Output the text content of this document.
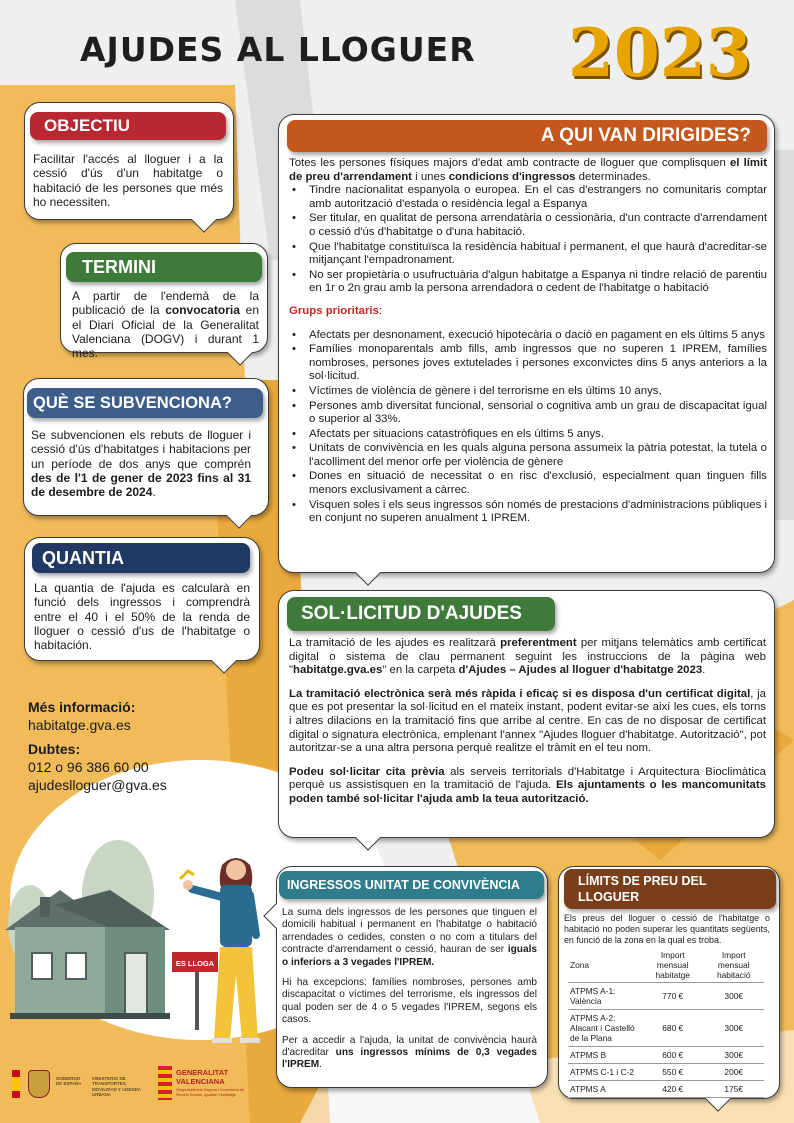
AJUDES AL LLOGUER 2023
OBJECTIU
Facilitar l'accés al lloguer i a la cessió d'ús d'un habitatge o habitació de les persones que més ho necessiten.
TERMINI
A partir de l'endemà de la publicació de la convocatoria en el Diari Oficial de la Generalitat Valenciana (DOGV) i durant 1 mes.
QUÈ SE SUBVENCIONA?
Se subvencionen els rebuts de lloguer i cessió d'ús d'habitatges i habitacions per un període de dos anys que comprén des de l'1 de gener de 2023 fins al 31 de desembre de 2024.
QUANTIA
La quantia de l'ajuda es calcularà en funció dels ingressos i comprendrà entre el 40 i el 50% de la renda de lloguer o cessió d'us de l'habitatge o habitación.
Més informació:
habitatge.gva.es
Dubtes:
012 o 96 386 60 00
ajudeslloguer@gva.es
A QUI VAN DIRIGIDES?

Totes les persones físiques majors d'edat amb contracte de lloguer que complisquen el límit de preu d'arrendament i unes condicions d'ingressos determinades.

• Tindre nacionalitat espanyola o europea. En el cas d'estrangers no comunitaris comptar amb autorització d'estada o residència legal a Espanya
• Ser titular, en qualitat de persona arrendatària o cessionària, d'un contracte d'arrendament o cessió d'ús d'habitatge o d'una habitació.
• Que l'habitatge constituïsca la residència habitual i permanent, el que haurà d'acreditar-se mitjançant l'empadronament.
• No ser propietària o usufructuària d'algun habitatge a Espanya ni tindre relació de parentiu en 1r o 2n grau amb la persona arrendadora o cedent de l'habitatge o habitació

Grups prioritaris:

• Afectats per desnonament, execució hipotecària o dació en pagament en els últims 5 anys
• Famílies monoparentals amb fills, amb ingressos que no superen 1 IPREM, famílies nombroses, persones joves extutelades i persones exconvictes dins 5 anys anteriors a la sol·licitud.
• Víctimes de violència de gènere i del terrorisme en els últims 10 anys,
• Persones amb diversitat funcional, sensorial o cognitiva amb un grau de discapacitat igual o superior al 33%.
• Afectats per situacions catastròfiques en els últims 5 anys.
• Unitats de convivència en les quals alguna persona assumeix la pàtria potestat, la tutela o l'acolliment del menor orfe per violència de gènere
• Dones en situació de necessitat o en risc d'exclusió, especialment quan tinguen fills menors exclusivament a càrrec.
• Visquen soles i els seus ingressos són només de prestacions d'administracions públiques i en conjunt no superen anualment 1 IPREM.
SOL·LICITUD D'AJUDES

La tramitació de les ajudes es realitzarà preferentment per mitjans telemàtics amb certificat digital o sistema de clau permanent seguint les instruccions de la pàgina web "habitatge.gva.es" en la carpeta d'Ajudes – Ajudes al lloguer d'habitatge 2023.

La tramitació electrònica serà més ràpida i eficaç si es disposa d'un certificat digital, ja que es pot presentar la sol·licitud en el mateix instant, podent evitar-se així les cues, els torns i altres dilacions en la tramitació fins que arribe al centre. En cas de no disposar de certificat digital o signatura electrònica, emplenant l'annex "Ajudes lloguer d'habitatge. Autorització", pot autoritzar-se a una altra persona perquè realitze el tràmit en el teu nom.

Podeu sol·licitar cita prèvia als serveis territorials d'Habitatge i Arquitectura Bioclimàtica perquè us assistisquen en la tramitació de l'ajuda. Els ajuntaments o les mancomunitats poden també sol·licitar l'ajuda amb la teua autorització.

INGRESSOS UNITAT DE CONVIVÈNCIA

La suma dels ingressos de les persones que tinguen el domicili habitual i permanent en l'habitatge o habitació arrendades o cedides, consten o no com a titulars del contracte d'arrendament o cessió, hauran de ser iguals o inferiors a 3 vegades l'IPREM.

Hi ha excepcions: famílies nombroses, persones amb discapacitat o víctimes del terrorisme, els ingressos del qual poden ser de 4 o 5 vegades l'IPREM, segons els casos.

Per a accedir a l'ajuda, la unitat de convivència haurà d'acreditar uns ingressos mínims de 0,3 vegades l'IPREM.

LÍMITS DE PREU DEL
LLOGUER
Els preus del lloguer o cessió de l'habitatge o habitació no poden superar les quantitats següents, en funció de la zona en la qual es troba.
Zona	Import mensual habitatge	Import mensual habitació
ATPMS A-1: València	770 €	300€
ATPMS A-2: Alacant i Castelló de la Plana	680 €	300€
ATPMS B	600 €	300€
ATPMS C-1 i C-2	550 €	200€
ATPMS A	420 €	175€
ES LLOGA
GOBIERNO DE ESPAÑA
MINISTERIO DE TRANSPORTES, MOVILIDAD Y AGENDA URBANA
GENERALITAT
VALENCIANA
Vicepresidència Segona i Conselleria de Serveis Socials, Igualtat i Habitatge
